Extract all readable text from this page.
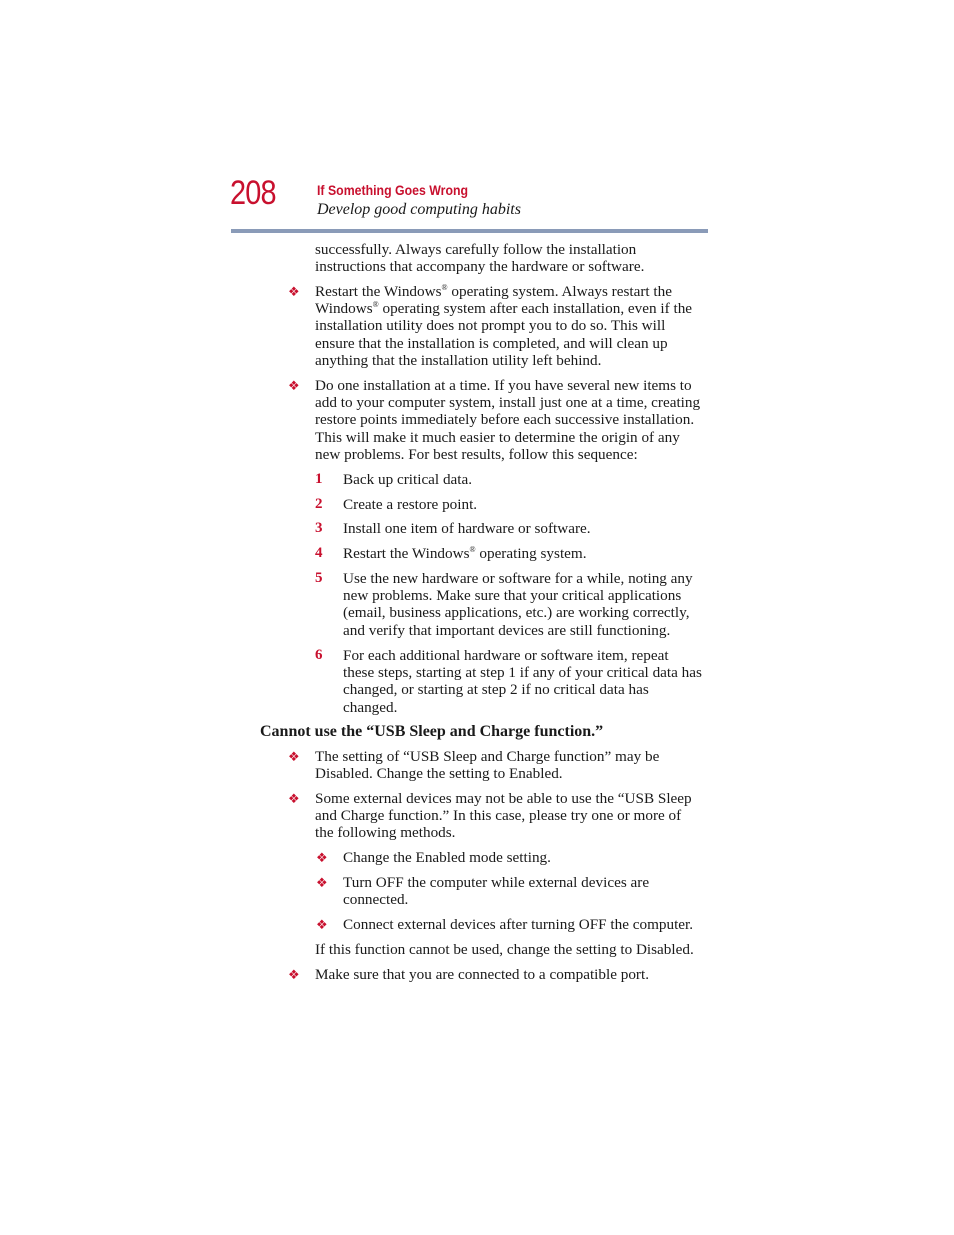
208	If Something Goes Wrong
Develop good computing habits
successfully. Always carefully follow the installation
instructions that accompany the hardware or software.
❖ Restart the Windows® operating system. Always restart the
Windows® operating system after each installation, even if the
installation utility does not prompt you to do so. This will
ensure that the installation is completed, and will clean up
anything that the installation utility left behind.
❖ Do one installation at a time. If you have several new items to
add to your computer system, install just one at a time, creating
restore points immediately before each successive installation.
This will make it much easier to determine the origin of any
new problems. For best results, follow this sequence:
1 Back up critical data.
2 Create a restore point.
3 Install one item of hardware or software.
4 Restart the Windows® operating system.
5 Use the new hardware or software for a while, noting any
new problems. Make sure that your critical applications
(email, business applications, etc.) are working correctly,
and verify that important devices are still functioning.
6 For each additional hardware or software item, repeat
these steps, starting at step 1 if any of your critical data has
changed, or starting at step 2 if no critical data has
changed.
Cannot use the “USB Sleep and Charge function.”
❖ The setting of “USB Sleep and Charge function” may be
Disabled. Change the setting to Enabled.
❖ Some external devices may not be able to use the “USB Sleep
and Charge function.” In this case, please try one or more of
the following methods.
❖ Change the Enabled mode setting.
❖ Turn OFF the computer while external devices are
connected.
❖ Connect external devices after turning OFF the computer.
If this function cannot be used, change the setting to Disabled.
❖ Make sure that you are connected to a compatible port.
